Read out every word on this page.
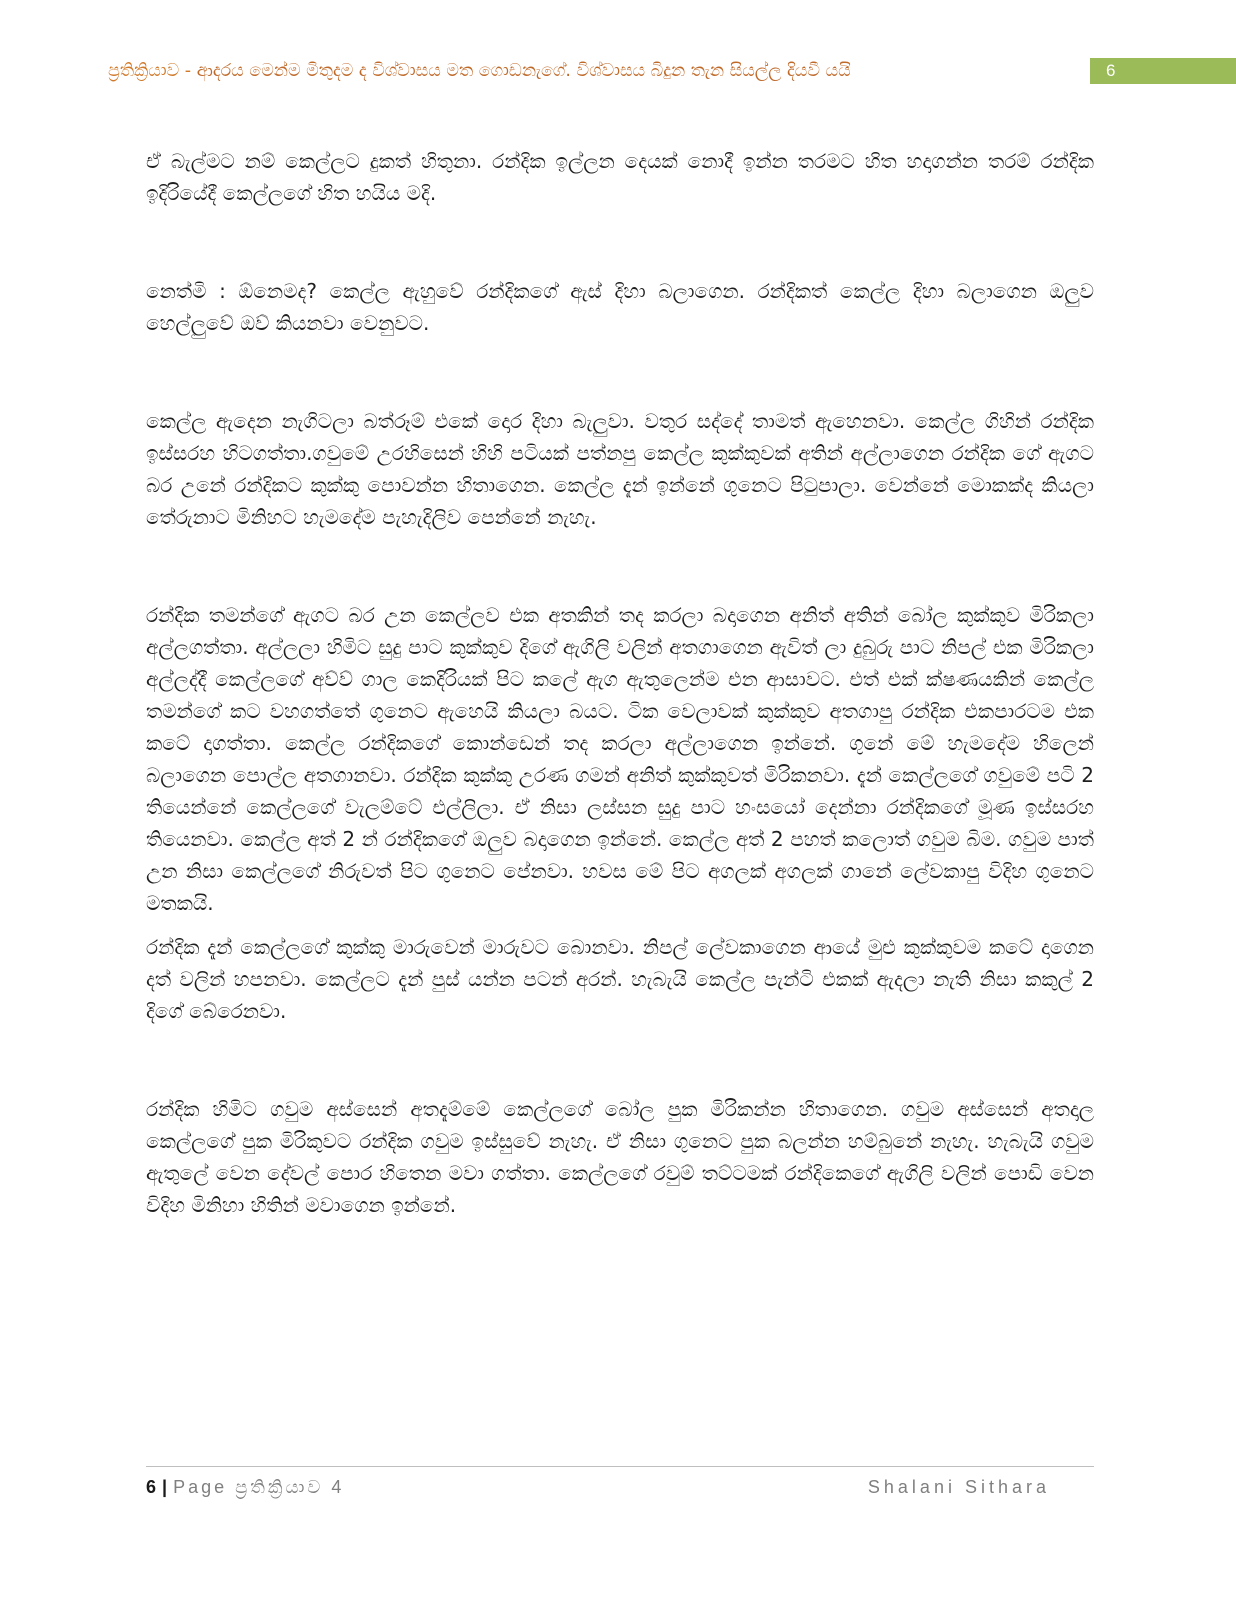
ප්‍රතික්‍රියාව - ආදරය මෙන්ම මිතුදම ද විශ්වාසය මත ගොඩනැගේ. විශ්වාසය බිදුන තැන සියල්ල දියවී යයි	6

ඒ බැල්මට නම් කෙල්ලට දුකත් හිතුනා. රන්දික ඉල්ලන දෙයක් නොදී ඉන්න තරමට හිත හදාගන්න තරම් රන්දික ඉදිරියේදී කෙල්ලගේ හිත හයිය මදි.

නෙත්මි : ඕනෙමද? කෙල්ල ඇහුවේ රන්දිකගේ ඇස් දිහා බලාගෙන. රන්දිකත් කෙල්ල දිහා බලාගෙන ඔලුව හෙල්ලුවේ ඔව් කියනවා වෙනුවට.

කෙල්ල ඇදෙන නැගිටලා බත්රූම් එකේ දොර දිහා බැලුවා. වතුර සද්දේ තාමත් ඇහෙනවා. කෙල්ල ගිහින් රන්දික ඉස්සරහ හිටගත්තා.ගවුමේ උරහිසෙන් හිහි පටියක් පත්නපු කෙල්ල කුක්කුවක් අතින් අල්ලාගෙන රන්දික ගේ ඇගට බර උනේ රන්දිකට කුක්කු පොවන්න හිතාගෙන. කෙල්ල දැන් ඉන්නේ ගුනෙට පිටුපාලා. වෙන්නේ මොකක්ද කියලා තේරුනාට මිනිහට හැමදේම පැහැදිලිව පෙන්නේ නැහැ.

රන්දික තමන්ගේ ඇගට බර උන කෙල්ලව එක අතකින් තද කරලා බදාගෙන අනිත් අතින් බෝල කුක්කුව මිරිකලා අල්ලගත්තා. අල්ලලා හිමිට සුදු පාට කුක්කුව දිගේ ඇගිලි වලින් අතගාගෙන ඇවිත් ලා දුබුරු පාට නිපල් එක මිරිකලා අල්ලද්දී කෙල්ලගේ අව්ව් ගාල කෙදිරියක් පිට කලේ ඇග ඇතුලෙන්ම එන ආසාවට. එත් එක් ක්ෂණයකින් කෙල්ල තමන්ගේ කට වහගත්තේ ගුනෙට ඇහෙයි කියලා බයට. ටික වෙලාවක් කුක්කුව අතගාපු රන්දික එකපාරටම එක කටේ දාගත්තා. කෙල්ල රන්දිකගේ කොන්ඩෙන් තද කරලා අල්ලාගෙන ඉන්නේ. ගුනේ මේ හැමදේම හිලෙන් බලාගෙන පොල්ල අතගානවා. රන්දික කුක්කු උරණ ගමන් අනිත් කුක්කුවත් මිරිකනවා. දැන් කෙල්ලගේ ගවුමේ පටි 2 තියෙන්නේ කෙල්ලගේ වැලම්ටේ එල්ලිලා. ඒ නිසා ලස්සන සුදු පාට හංසයෝ දෙන්නා රන්දිකගේ මූණ ඉස්සරහ තියෙනවා. කෙල්ල අත් 2 න් රන්දිකගේ ඔලුව බදාගෙන ඉන්නේ. කෙල්ල අත් 2 පහත් කලොත් ගවුම බිම. ගවුම පාත් උන නිසා කෙල්ලගේ නිරුවත් පිට ගුනෙට පේනවා. හවස මේ පිට අගලක් අගලක් ගානේ ලේවකාපු විදිහ ගුනෙට මතකයි.

රන්දික දැන් කෙල්ලගේ කුක්කු මාරුවෙන් මාරුවට බොනවා. නිපල් ලේවකාගෙන ආයේ මුළු කුක්කුවම කටේ දාගෙන දත් වලින් හපනවා. කෙල්ලට දැන් පුස් යන්න පටන් අරන්. හැබැයි කෙල්ල පැන්ටි එකක් ඇදලා නැති නිසා කකුල් 2 දිගේ බේරෙනවා.

රන්දික හිමිට ගවුම අස්සෙන් අතදැම්මේ කෙල්ලගේ බෝල පුක මිරිකන්න හිතාගෙන. ගවුම අස්සෙන් අතදාල කෙල්ලගේ පුක මිරිකුවට රන්දික ගවුම ඉස්සුවේ නැහැ. ඒ නිසා ගුනෙට පුක බලන්න හම්බුනේ නැහැ. හැබැයි ගවුම ඇතුලේ වෙන දේවල් පොර හිතෙන මවා ගත්තා. කෙල්ලගේ රවුම් තට්ටමක් රන්දිකෙගේ ඇගිලි වලින් පොඩි වෙන විදිහ මිනිහා හිතින් මවාගෙන ඉන්නේ.

6 | Page ප්‍රතික්‍රියාව 4	Shalani Sithara
